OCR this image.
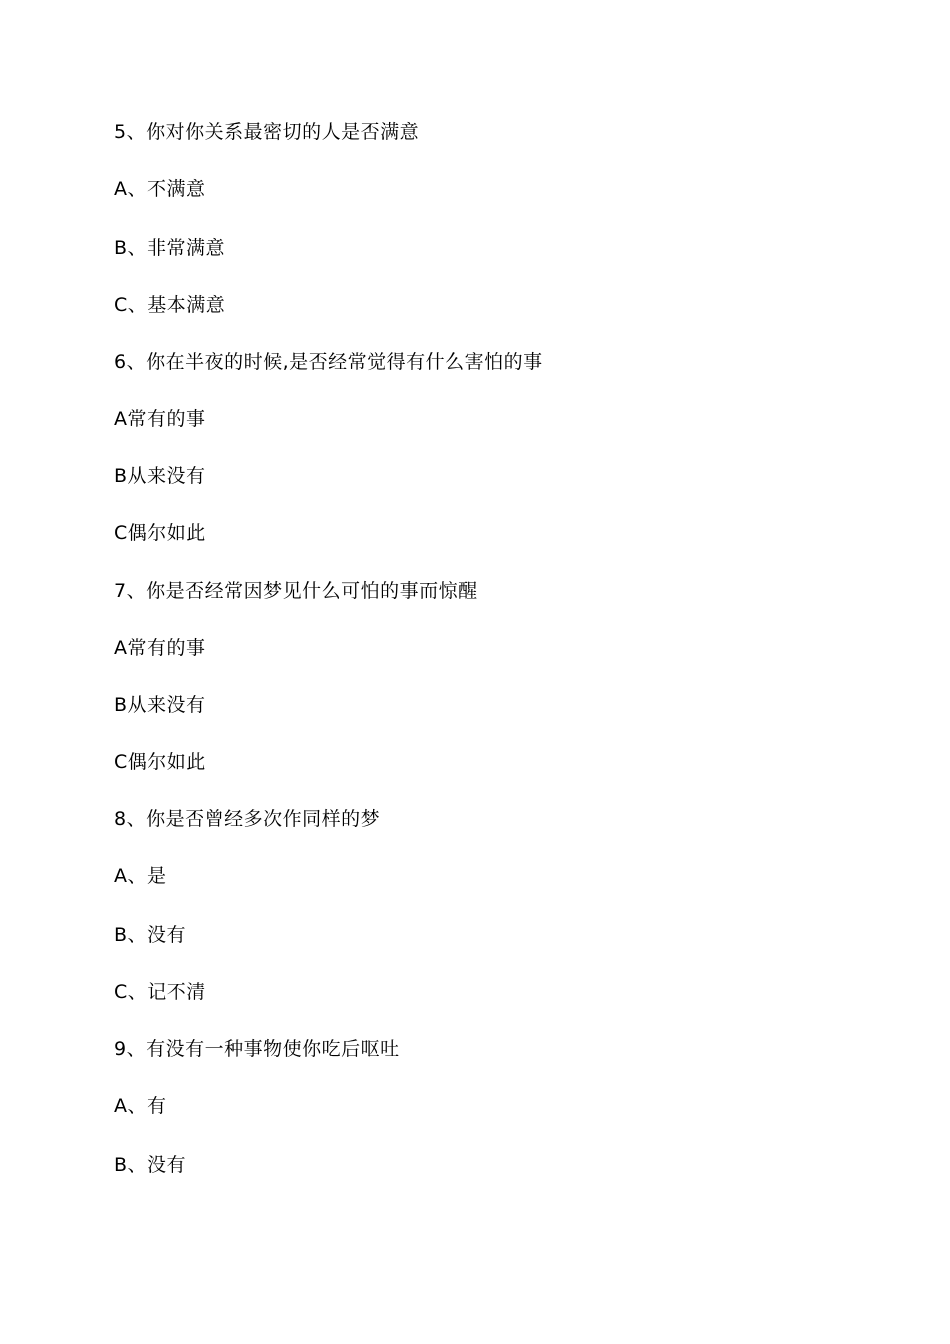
5、你对你关系最密切的人是否满意
A、不满意
B、非常满意
C、基本满意
6、你在半夜的时候,是否经常觉得有什么害怕的事
A常有的事
B从来没有
C偶尔如此
7、你是否经常因梦见什么可怕的事而惊醒
A常有的事
B从来没有
C偶尔如此
8、你是否曾经多次作同样的梦
A、是
B、没有
C、记不清
9、有没有一种事物使你吃后呕吐
A、有
B、没有
